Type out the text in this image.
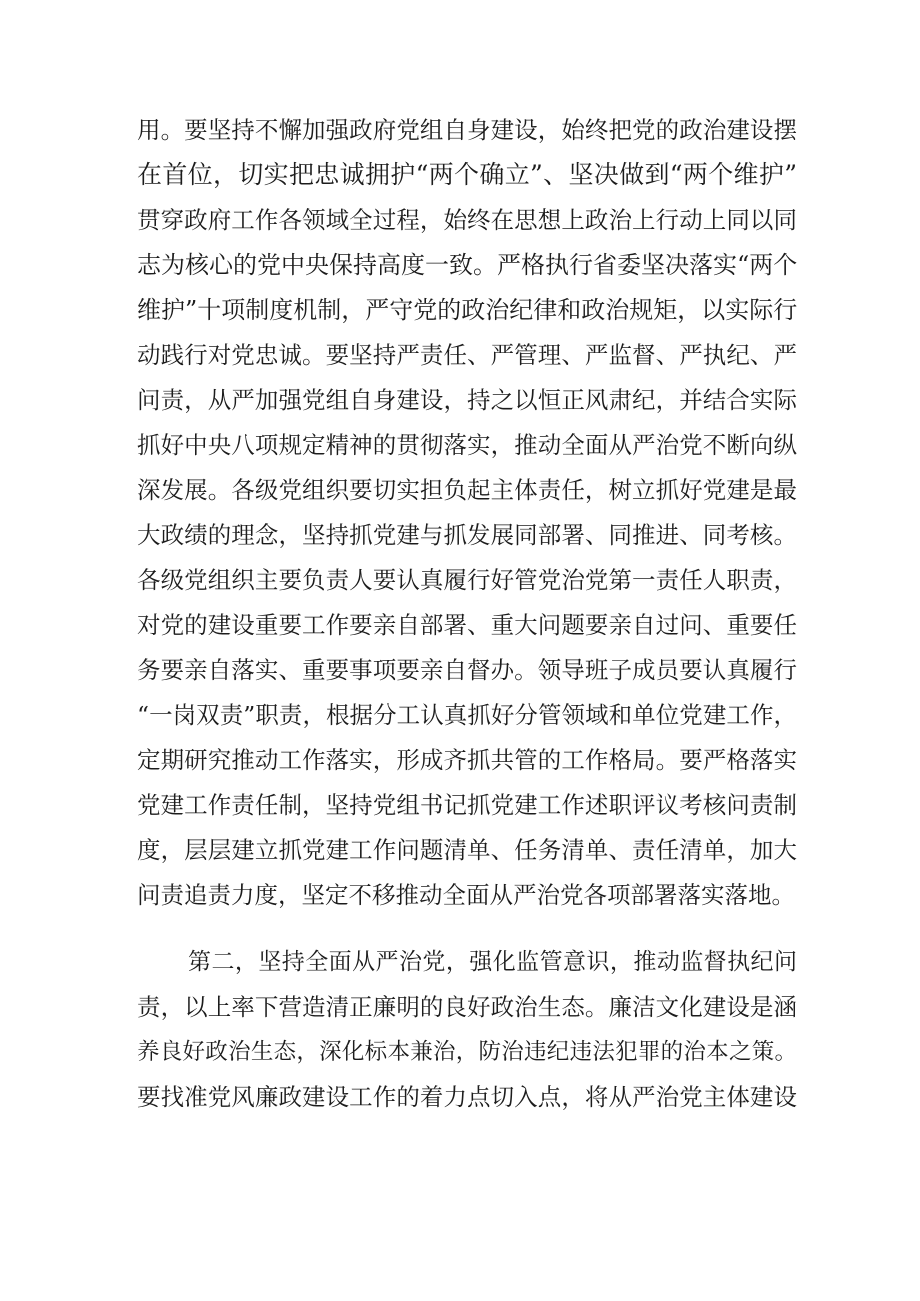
用。要坚持不懈加强政府党组自身建设，始终把党的政治建设摆
在首位，切实把忠诚拥护“两个确立”、坚决做到“两个维护”
贯穿政府工作各领域全过程，始终在思想上政治上行动上同以同
志为核心的党中央保持高度一致。严格执行省委坚决落实“两个
维护”十项制度机制，严守党的政治纪律和政治规矩，以实际行
动践行对党忠诚。要坚持严责任、严管理、严监督、严执纪、严
问责，从严加强党组自身建设，持之以恒正风肃纪，并结合实际
抓好中央八项规定精神的贯彻落实，推动全面从严治党不断向纵
深发展。各级党组织要切实担负起主体责任，树立抓好党建是最
大政绩的理念，坚持抓党建与抓发展同部署、同推进、同考核。
各级党组织主要负责人要认真履行好管党治党第一责任人职责，
对党的建设重要工作要亲自部署、重大问题要亲自过问、重要任
务要亲自落实、重要事项要亲自督办。领导班子成员要认真履行
“一岗双责”职责，根据分工认真抓好分管领域和单位党建工作，
定期研究推动工作落实，形成齐抓共管的工作格局。要严格落实
党建工作责任制，坚持党组书记抓党建工作述职评议考核问责制
度，层层建立抓党建工作问题清单、任务清单、责任清单，加大
问责追责力度，坚定不移推动全面从严治党各项部署落实落地。
第二，坚持全面从严治党，强化监管意识，推动监督执纪问
责，以上率下营造清正廉明的良好政治生态。廉洁文化建设是涵
养良好政治生态，深化标本兼治，防治违纪违法犯罪的治本之策。
要找准党风廉政建设工作的着力点切入点，将从严治党主体建设
